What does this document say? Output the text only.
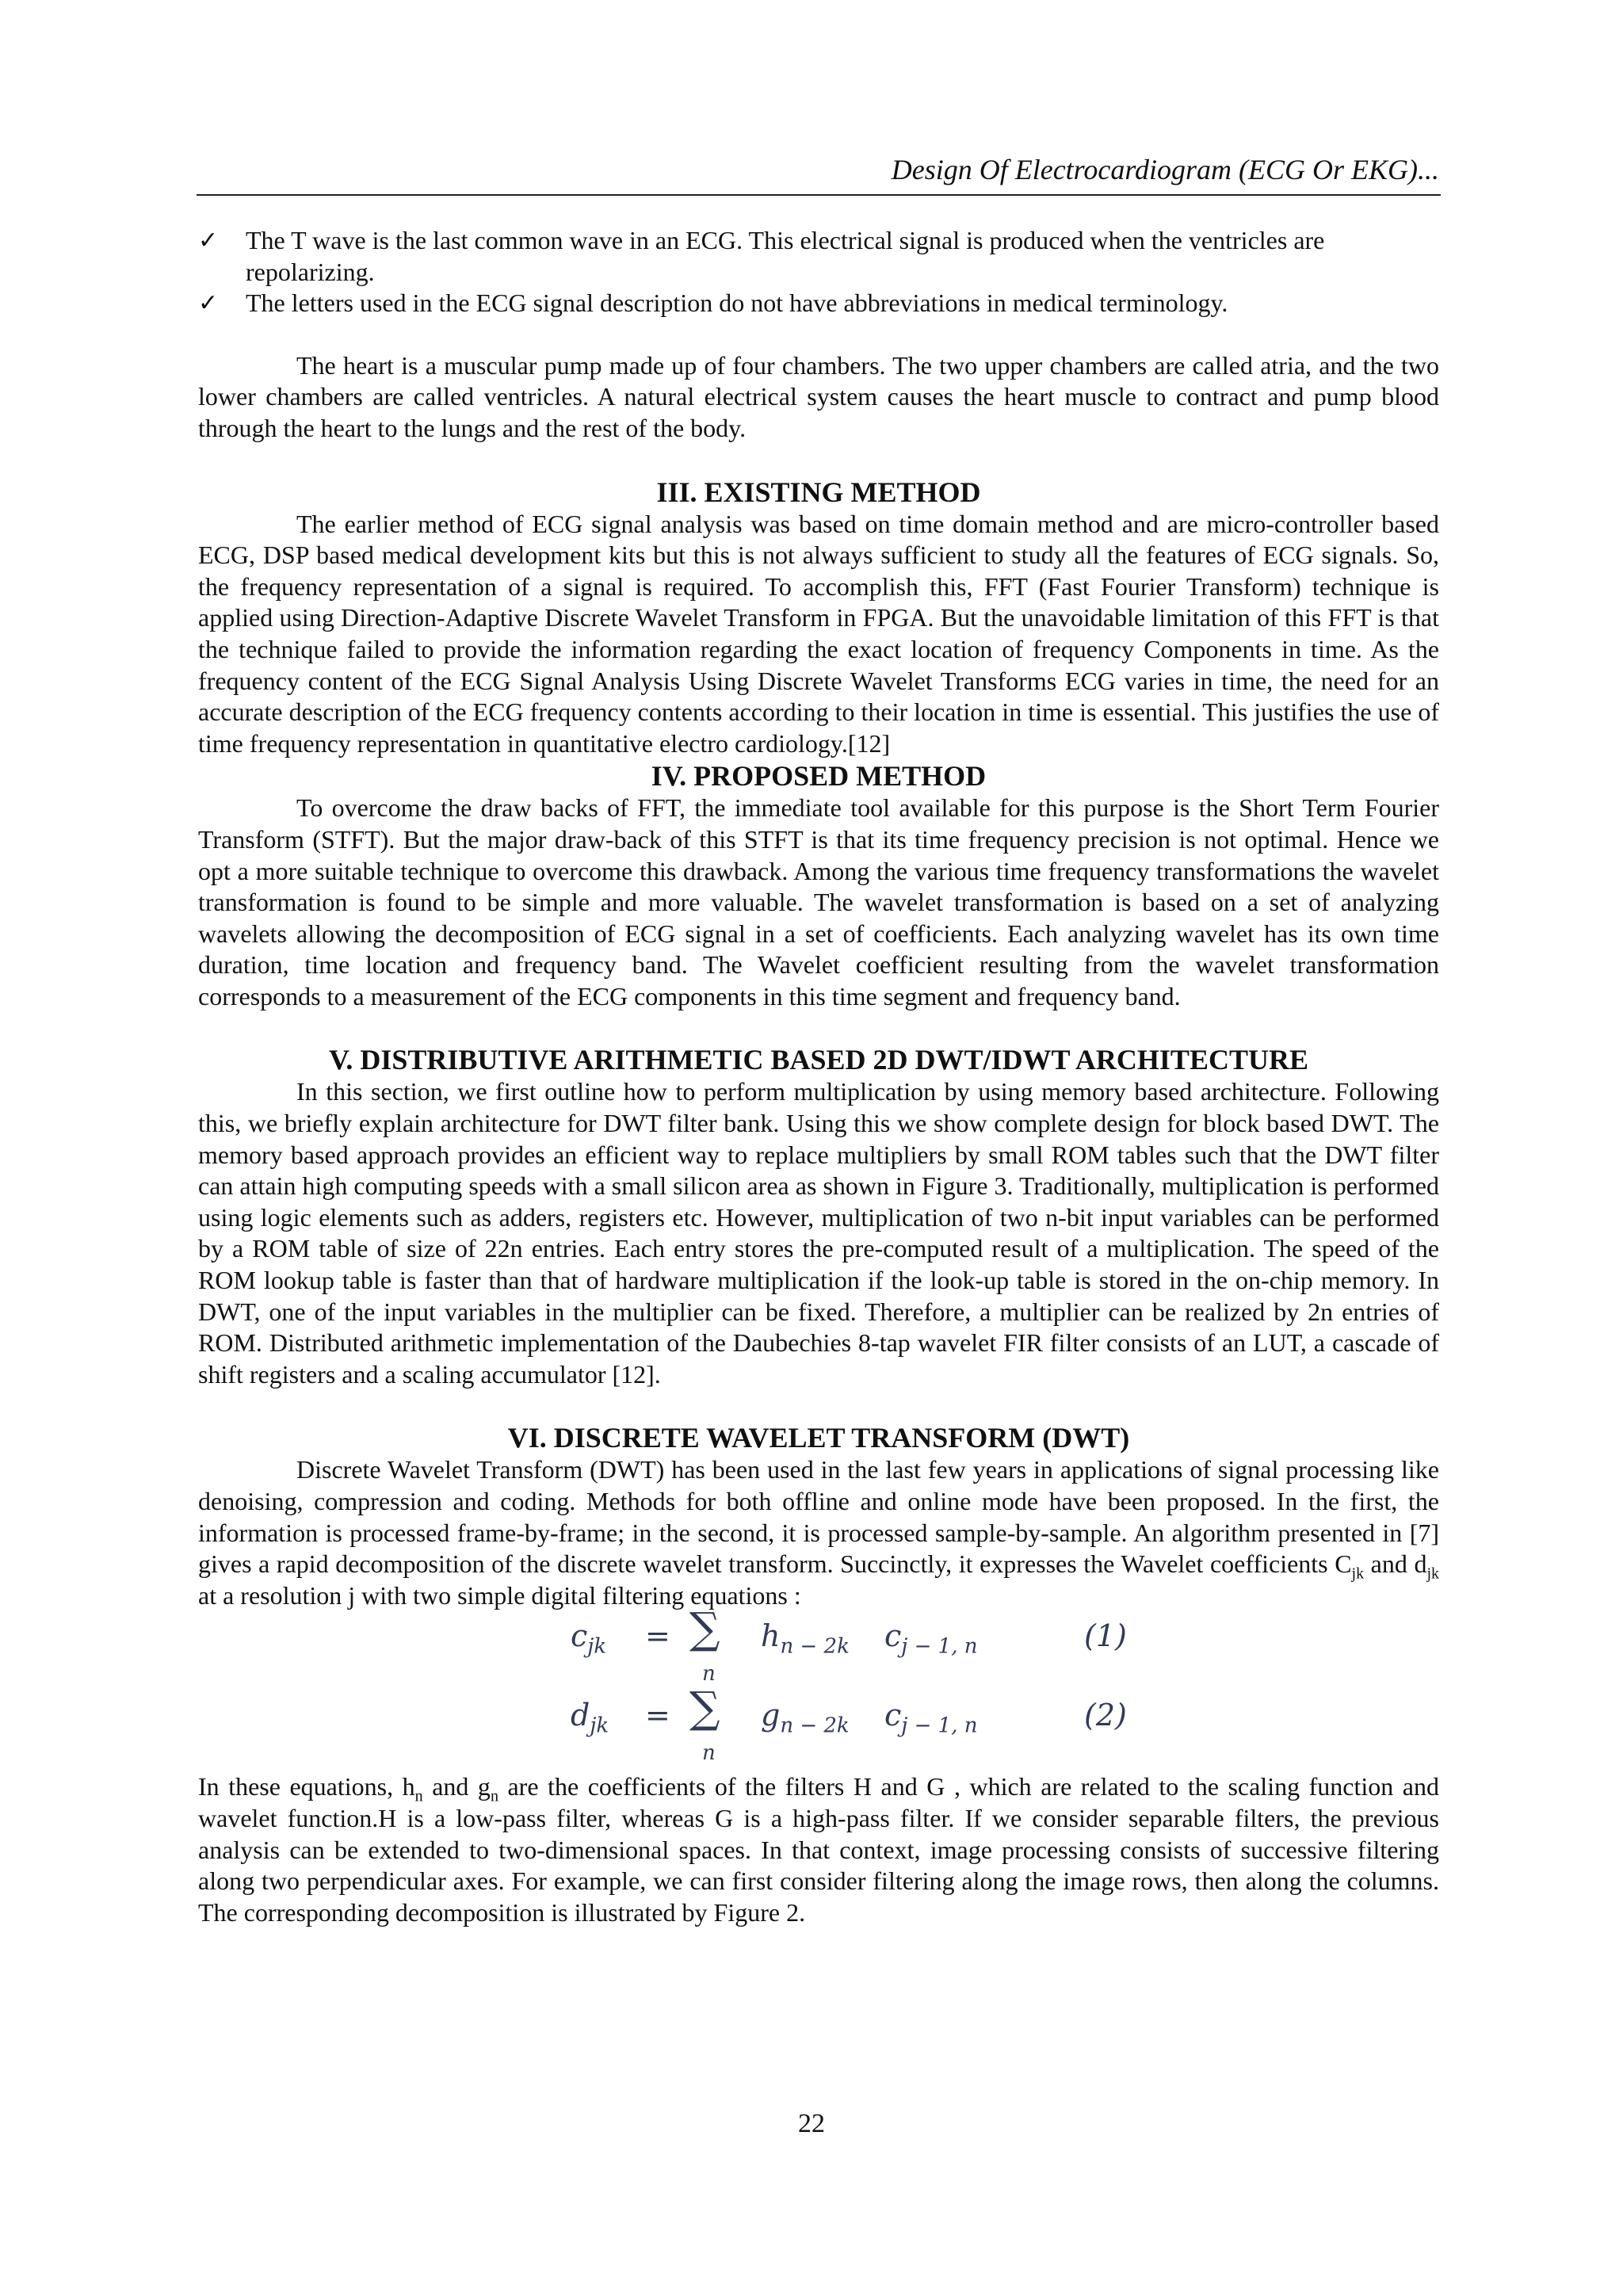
Design Of Electrocardiogram (ECG Or EKG)...
✓ The T wave is the last common wave in an ECG. This electrical signal is produced when the ventricles are repolarizing.
✓ The letters used in the ECG signal description do not have abbreviations in medical terminology.

The heart is a muscular pump made up of four chambers. The two upper chambers are called atria, and the two lower chambers are called ventricles. A natural electrical system causes the heart muscle to contract and pump blood through the heart to the lungs and the rest of the body.

III. EXISTING METHOD

The earlier method of ECG signal analysis was based on time domain method and are micro-controller based ECG, DSP based medical development kits but this is not always sufficient to study all the features of ECG signals. So, the frequency representation of a signal is required. To accomplish this, FFT (Fast Fourier Transform) technique is applied using Direction-Adaptive Discrete Wavelet Transform in FPGA. But the unavoidable limitation of this FFT is that the technique failed to provide the information regarding the exact location of frequency Components in time. As the frequency content of the ECG Signal Analysis Using Discrete Wavelet Transforms ECG varies in time, the need for an accurate description of the ECG frequency contents according to their location in time is essential. This justifies the use of time frequency representation in quantitative electro cardiology.[12]

IV. PROPOSED METHOD

To overcome the draw backs of FFT, the immediate tool available for this purpose is the Short Term Fourier Transform (STFT). But the major draw-back of this STFT is that its time frequency precision is not optimal. Hence we opt a more suitable technique to overcome this drawback. Among the various time frequency transformations the wavelet transformation is found to be simple and more valuable. The wavelet transformation is based on a set of analyzing wavelets allowing the decomposition of ECG signal in a set of coefficients. Each analyzing wavelet has its own time duration, time location and frequency band. The Wavelet coefficient resulting from the wavelet transformation corresponds to a measurement of the ECG components in this time segment and frequency band.

V. DISTRIBUTIVE ARITHMETIC BASED 2D DWT/IDWT ARCHITECTURE

In this section, we first outline how to perform multiplication by using memory based architecture. Following this, we briefly explain architecture for DWT filter bank. Using this we show complete design for block based DWT. The memory based approach provides an efficient way to replace multipliers by small ROM tables such that the DWT filter can attain high computing speeds with a small silicon area as shown in Figure 3. Traditionally, multiplication is performed using logic elements such as adders, registers etc. However, multiplication of two n-bit input variables can be performed by a ROM table of size of 22n entries. Each entry stores the pre-computed result of a multiplication. The speed of the ROM lookup table is faster than that of hardware multiplication if the look-up table is stored in the on-chip memory. In DWT, one of the input variables in the multiplier can be fixed. Therefore, a multiplier can be realized by 2n entries of ROM. Distributed arithmetic implementation of the Daubechies 8-tap wavelet FIR filter consists of an LUT, a cascade of shift registers and a scaling accumulator [12].

VI. DISCRETE WAVELET TRANSFORM (DWT)

Discrete Wavelet Transform (DWT) has been used in the last few years in applications of signal processing like denoising, compression and coding. Methods for both offline and online mode have been proposed. In the first, the information is processed frame-by-frame; in the second, it is processed sample-by-sample. An algorithm presented in [7] gives a rapid decomposition of the discrete wavelet transform. Succinctly, it expresses the Wavelet coefficients $C_{jk}$ and $d_{jk}$ at a resolution j with two simple digital filtering equations :

$c_{jk}$ = ∑
n
$h_{n - 2k}$ $c_{j - 1, n}$	(1)
$d_{jk}$ = ∑
n
$g_{n - 2k}$ $c_{j - 1, n}$	(2)

In these equations, $h_n$ and $g_n$ are the coefficients of the filters H and G , which are related to the scaling function and wavelet function.H is a low-pass filter, whereas G is a high-pass filter. If we consider separable filters, the previous analysis can be extended to two-dimensional spaces. In that context, image processing consists of successive filtering along two perpendicular axes. For example, we can first consider filtering along the image rows, then along the columns. The corresponding decomposition is illustrated by Figure 2.

22
